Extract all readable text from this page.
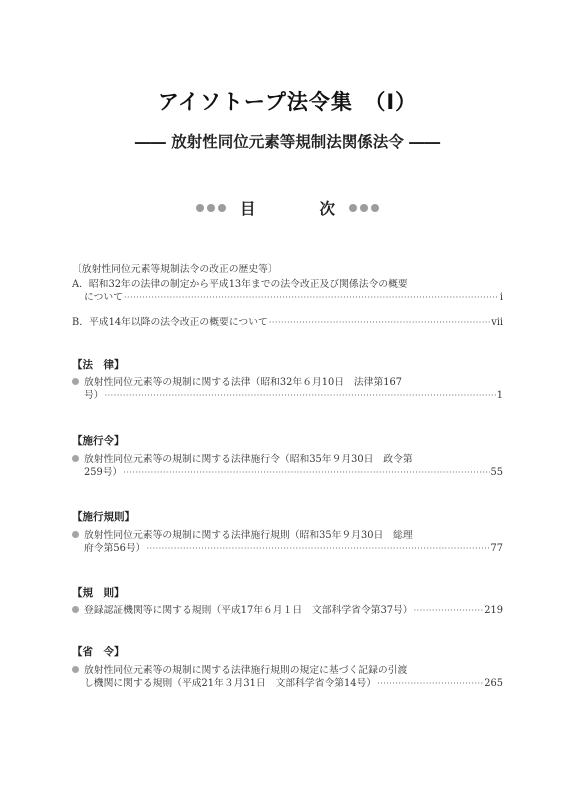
アイソトープ法令集　（Ⅰ）
―― 放射性同位元素等規制法関係法令 ――
目	次
〔放射性同位元素等規制法令の改正の歴史等〕
A．昭和32年の法律の制定から平成13年までの法令改正及び関係法令の概要
について ·····	ⅰ
B．平成14年以降の法令改正の概要について ·····	ⅶ
【法　律】
放射性同位元素等の規制に関する法律（昭和32年６月10日　法律第167
号） ·····	1
【施行令】
放射性同位元素等の規制に関する法律施行令（昭和35年９月30日　政令第
259号） ·····	55
【施行規則】
放射性同位元素等の規制に関する法律施行規則（昭和35年９月30日　総理
府令第56号） ·····	77
【規　則】
登録認証機関等に関する規則（平成17年６月１日　文部科学省令第37号） ·····	219
【省　令】
放射性同位元素等の規制に関する法律施行規則の規定に基づく記録の引渡
し機関に関する規則（平成21年３月31日　文部科学省令第14号） ·····	265
